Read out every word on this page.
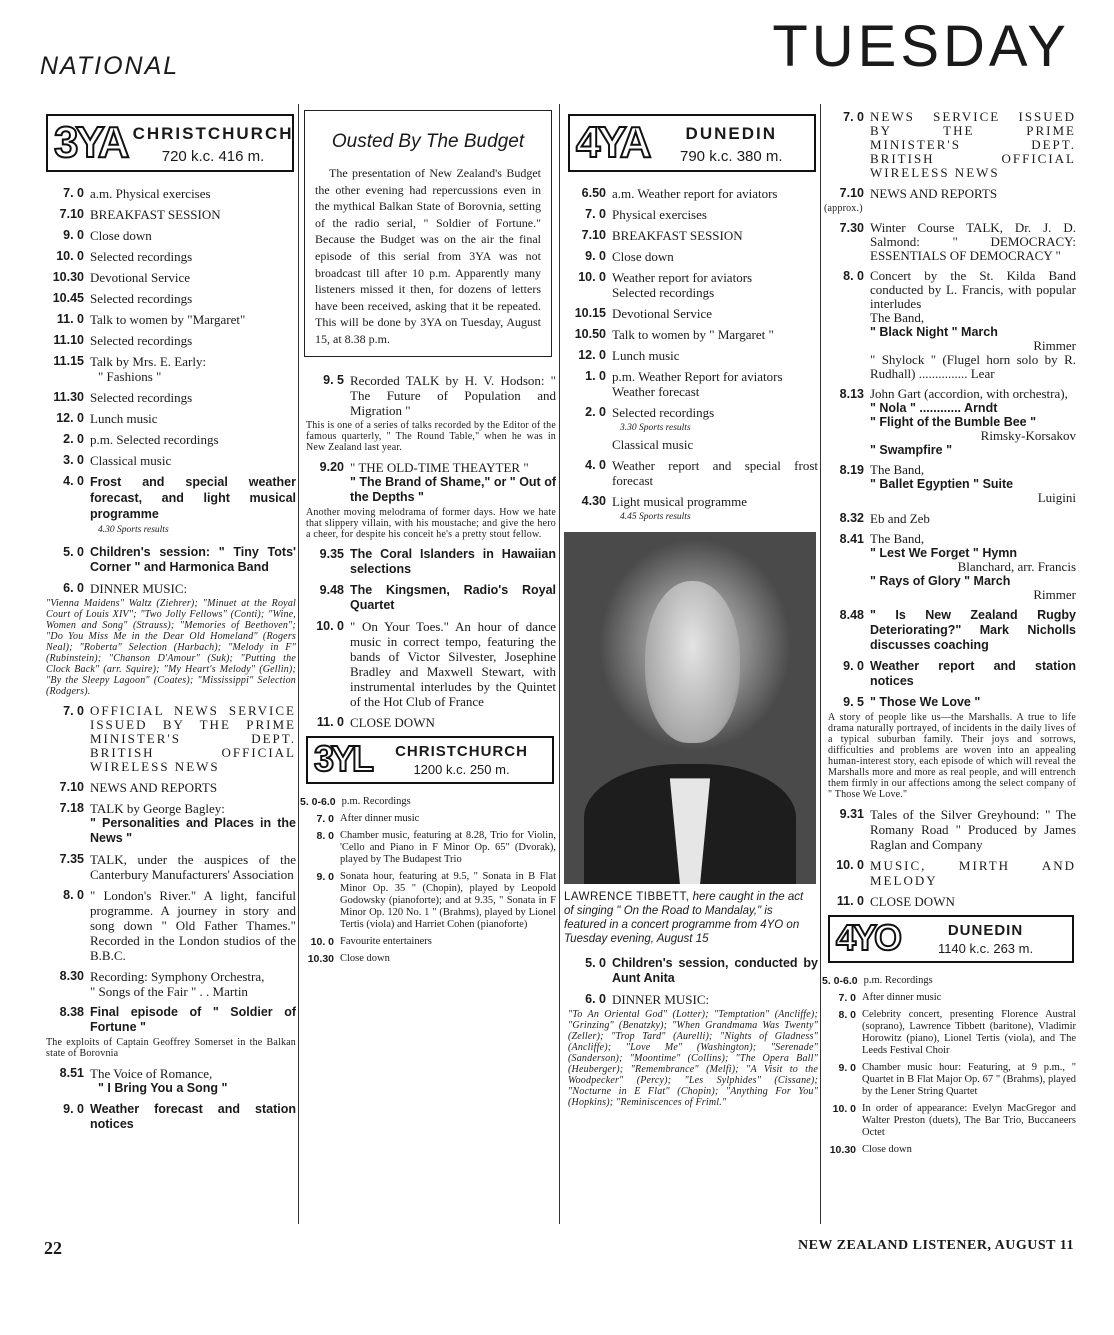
NATIONAL	TUESDAY
3YA CHRISTCHURCH
720 k.c. 416 m.
7. 0 a.m. Physical exercises
7.10 BREAKFAST SESSION
9. 0 Close down
10. 0 Selected recordings
10.30 Devotional Service
10.45 Selected recordings
11. 0 Talk to women by "Margaret"
11.10 Selected recordings
11.15 Talk by Mrs. E. Early:
" Fashions "
11.30 Selected recordings
12. 0 Lunch music
2. 0 p.m. Selected recordings
3. 0 Classical music
4. 0 Frost and special weather forecast, and light musical programme
4.30 Sports results
5. 0 Children's session: " Tiny Tots' Corner " and Harmonica Band
6. 0 DINNER MUSIC:
"Vienna Maidens" Waltz (Ziehrer); "Minuet at the Royal Court of Louis XIV"; "Two Jolly Fellows" (Conti); "Wine, Women and Song" (Strauss); "Memories of Beethoven"; "Do You Miss Me in the Dear Old Homeland" (Rogers Neal); "Roberta" Selection (Harbach); "Melody in F" (Rubinstein); "Chanson D'Amour" (Suk); "Putting the Clock Back" (arr. Squire); "My Heart's Melody" (Gellin); "By the Sleepy Lagoon" (Coates); "Mississippi" Selection (Rodgers).
7. 0 OFFICIAL NEWS SERVICE ISSUED BY THE PRIME MINISTER'S DEPT. BRITISH OFFICIAL WIRELESS NEWS
7.10 NEWS AND REPORTS
7.18 TALK by George Bagley:
" Personalities and Places in the News "
7.35 TALK, under the auspices of the Canterbury Manufacturers' Association
8. 0 " London's River." A light, fanciful programme. A journey in story and song down " Old Father Thames." Recorded in the London studios of the B.B.C.
8.30 Recording: Symphony Orchestra,
" Songs of the Fair " . . Martin
8.38 Final episode of " Soldier of Fortune "
The exploits of Captain Geoffrey Somerset in the Balkan state of Borovnia
8.51 The Voice of Romance,
" I Bring You a Song "
9. 0 Weather forecast and station notices
Ousted By The Budget

The presentation of New Zealand's Budget the other evening had repercussions even in the mythical Balkan State of Borovnia, setting of the radio serial, " Soldier of Fortune." Because the Budget was on the air the final episode of this serial from 3YA was not broadcast till after 10 p.m. Apparently many listeners missed it then, for dozens of letters have been received, asking that it be repeated. This will be done by 3YA on Tuesday, August 15, at 8.38 p.m.

9. 5 Recorded TALK by H. V. Hodson: " The Future of Population and Migration "
This is one of a series of talks recorded by the Editor of the famous quarterly, " The Round Table," when he was in New Zealand last year.
9.20 " THE OLD-TIME THEAYTER "
" The Brand of Shame," or " Out of the Depths "
Another moving melodrama of former days. How we hate that slippery villain, with his moustache; and give the hero a cheer, for despite his conceit he's a pretty stout fellow.
9.35 The Coral Islanders in Hawaiian selections
9.48 The Kingsmen, Radio's Royal Quartet
10. 0 " On Your Toes." An hour of dance music in correct tempo, featuring the bands of Victor Silvester, Josephine Bradley and Maxwell Stewart, with instrumental interludes by the Quintet of the Hot Club of France
11. 0 CLOSE DOWN
3YL	CHRISTCHURCH
1200 k.c. 250 m.
5. 0-6.0 p.m. Recordings
7. 0 After dinner music
8. 0 Chamber music, featuring at 8.28, Trio for Violin, 'Cello and Piano in F Minor Op. 65" (Dvorak), played by The Budapest Trio
9. 0 Sonata hour, featuring at 9.5, " Sonata in B Flat Minor Op. 35 " (Chopin), played by Leopold Godowsky (pianoforte); and at 9.35, " Sonata in F Minor Op. 120 No. 1 " (Brahms), played by Lionel Tertis (viola) and Harriet Cohen (pianoforte)
10. 0 Favourite entertainers
10.30 Close down
4YA	DUNEDIN
790 k.c. 380 m.
6.50 a.m. Weather report for aviators
7. 0 Physical exercises
7.10 BREAKFAST SESSION
9. 0 Close down
10. 0 Weather report for aviators
Selected recordings
10.15 Devotional Service
10.50 Talk to women by " Margaret "
12. 0 Lunch music
1. 0 p.m. Weather Report for aviators
Weather forecast
2. 0 Selected recordings
3.30 Sports results
Classical music
4. 0 Weather report and special frost forecast
4.30 Light musical programme
4.45 Sports results
LAWRENCE TIBBETT, here caught in the act of singing " On the Road to Mandalay," is featured in a concert programme from 4YO on Tuesday evening, August 15
5. 0 Children's session, conducted by Aunt Anita
6. 0 DINNER MUSIC:
"To An Oriental God" (Lotter); "Temptation" (Ancliffe); "Grinzing" (Benatzky); "When Grandmama Was Twenty" (Zeller); "Trop Tard" (Aurelli); "Nights of Gladness" (Ancliffe); "Love Me" (Washington); "Serenade" (Sanderson); "Moontime" (Collins); "The Opera Ball" (Heuberger); "Remembrance" (Melfi); "A Visit to the Woodpecker" (Percy); "Les Sylphides" (Cissane); "Nocturne in E Flat" (Chopin); "Anything For You" (Hopkins); "Reminiscences of Friml."
7. 0 NEWS SERVICE ISSUED BY THE PRIME MINISTER'S DEPT. BRITISH OFFICIAL WIRELESS NEWS
7.10 NEWS AND REPORTS
(approx.)
7.30 Winter Course TALK, Dr. J. D. Salmond: " DEMOCRACY: ESSENTIALS OF DEMOCRACY "
8. 0 Concert by the St. Kilda Band conducted by L. Francis, with popular interludes
The Band,
" Black Night " March
Rimmer
" Shylock " (Flugel horn solo by R. Rudhall) ............... Lear
8.13 John Gart (accordion, with orchestra),
" Nola " ............ Arndt
" Flight of the Bumble Bee "
Rimsky-Korsakov
" Swampfire "
8.19 The Band,
" Ballet Egyptien " Suite
Luigini
8.32 Eb and Zeb
8.41 The Band,
" Lest We Forget " Hymn
Blanchard, arr. Francis
" Rays of Glory " March
Rimmer
8.48 " Is New Zealand Rugby Deteriorating?" Mark Nicholls discusses coaching
9. 0 Weather report and station notices
9. 5 " Those We Love "
A story of people like us—the Marshalls. A true to life drama naturally portrayed, of incidents in the daily lives of a typical suburban family. Their joys and sorrows, difficulties and problems are woven into an appealing human-interest story, each episode of which will reveal the Marshalls more and more as real people, and will entrench them firmly in our affections among the select company of " Those We Love."
9.31 Tales of the Silver Greyhound: " The Romany Road " Produced by James Raglan and Company
10. 0 MUSIC, MIRTH AND MELODY
11. 0 CLOSE DOWN
4YO	DUNEDIN
1140 k.c. 263 m.
5. 0-6.0 p.m. Recordings
7. 0 After dinner music
8. 0 Celebrity concert, presenting Florence Austral (soprano), Lawrence Tibbett (baritone), Vladimir Horowitz (piano), Lionel Tertis (viola), and The Leeds Festival Choir
9. 0 Chamber music hour: Featuring, at 9 p.m., " Quartet in B Flat Major Op. 67 " (Brahms), played by the Lener String Quartet
10. 0 In order of appearance: Evelyn MacGregor and Walter Preston (duets), The Bar Trio, Buccaneers Octet
10.30 Close down
22	NEW ZEALAND LISTENER, AUGUST 11
